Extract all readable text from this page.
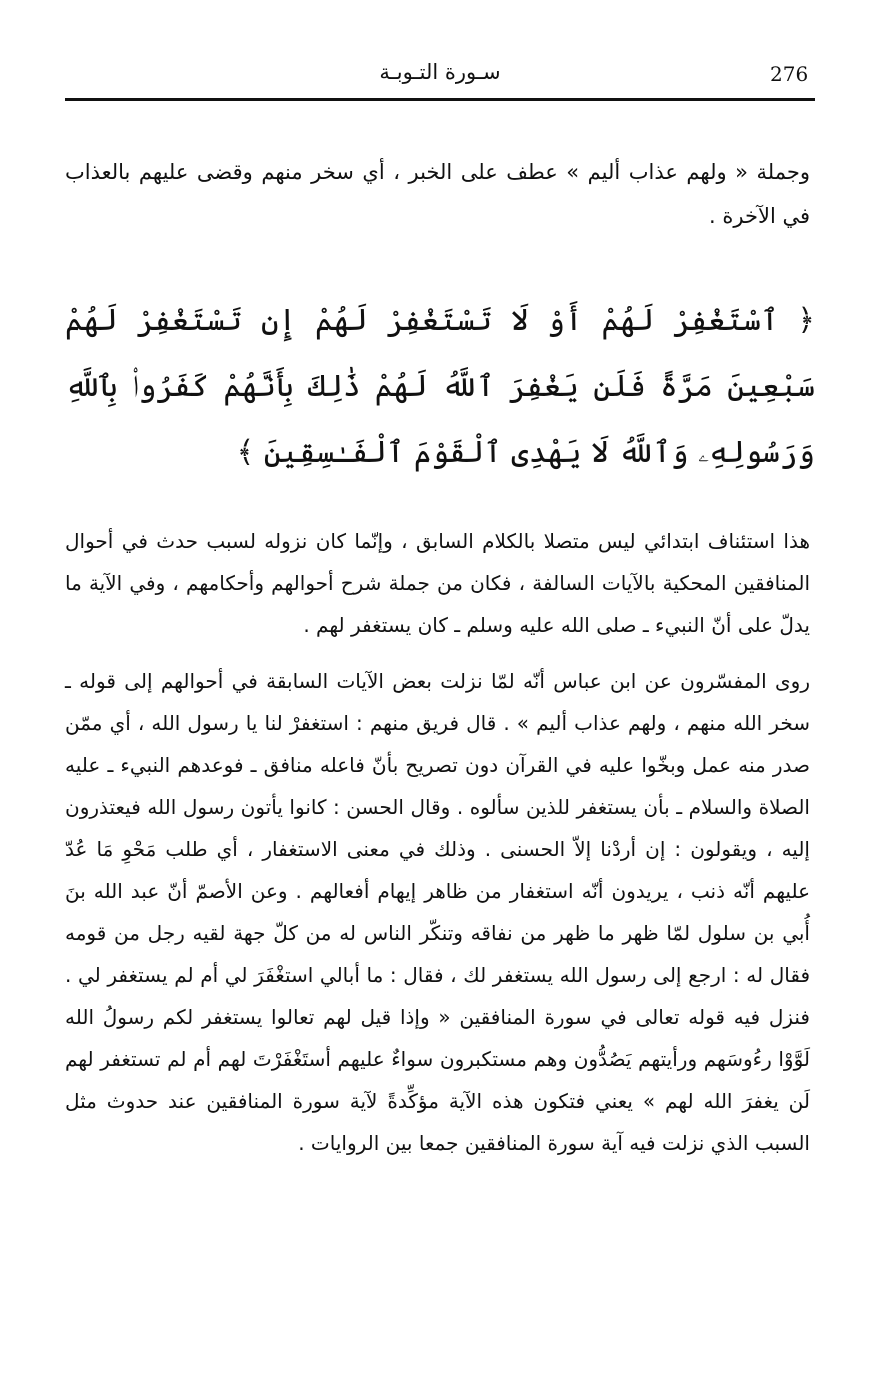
276
سـورة التـوبـة

وجملة « ولهم عذاب أليم » عطف على الخبر ، أي سخر منهم وقضى عليهم بالعذاب في الآخرة .

﴿ ٱسْتَغْفِرْ لَهُمْ أَوْ لَا تَسْتَغْفِرْ لَهُمْ إِن تَسْتَغْفِرْ لَهُمْ سَبْعِينَ مَرَّةً فَلَن يَغْفِرَ ٱللَّهُ لَهُمْ ذَٰلِكَ بِأَنَّهُمْ كَفَرُوا۟ بِٱللَّهِ وَرَسُولِهِۦ وَٱللَّهُ لَا يَهْدِى ٱلْقَوْمَ ٱلْفَـٰسِقِينَ ﴾

هذا استئناف ابتدائي ليس متصلا بالكلام السابق ، وإنّما كان نزوله لسبب حدث في أحوال المنافقين المحكية بالآيات السالفة ، فكان من جملة شرح أحوالهم وأحكامهم ، وفي الآية ما يدلّ على أنّ النبيء ـ صلى الله عليه وسلم ـ كان يستغفر لهم .

روى المفسّرون عن ابن عباس أنّه لمّا نزلت بعض الآيات السابقة في أحوالهم إلى قوله ـ سخر الله منهم ، ولهم عذاب أليم » . قال فريق منهم : استغفرْ لنا يا رسول الله ، أي ممّن صدر منه عمل وبخّوا عليه في القرآن دون تصريح بأنّ فاعله منافق ـ فوعدهم النبيء ـ عليه الصلاة والسلام ـ بأن يستغفر للذين سألوه . وقال الحسن : كانوا يأتون رسول الله فيعتذرون إليه ، ويقولون : إن أردْنا إلاّ الحسنى . وذلك في معنى الاستغفار ، أي طلب مَحْوِ مَا عُدّ عليهم أنّه ذنب ، يريدون أنّه استغفار من ظاهر إيهام أفعالهم . وعن الأصمّ أنّ عبد الله بنَ أُبي بن سلول لمّا ظهر ما ظهر من نفاقه وتنكّر الناس له من كلّ جهة لقيه رجل من قومه فقال له : ارجع إلى رسول الله يستغفر لك ، فقال : ما أبالي استغْفَرَ لي أم لم يستغفر لي . فنزل فيه قوله تعالى في سورة المنافقين « وإذا قيل لهم تعالوا يستغفر لكم رسولُ الله لَوَّوْا رءُوسَهم ورأيتهم يَصُدُّون وهم مستكبرون سواءٌ عليهم أستَغْفَرْتَ لهم أم لم تستغفر لهم لَن يغفرَ الله لهم » يعني فتكون هذه الآية مؤكِّدةً لآية سورة المنافقين عند حدوث مثل السبب الذي نزلت فيه آية سورة المنافقين جمعا بين الروايات .
